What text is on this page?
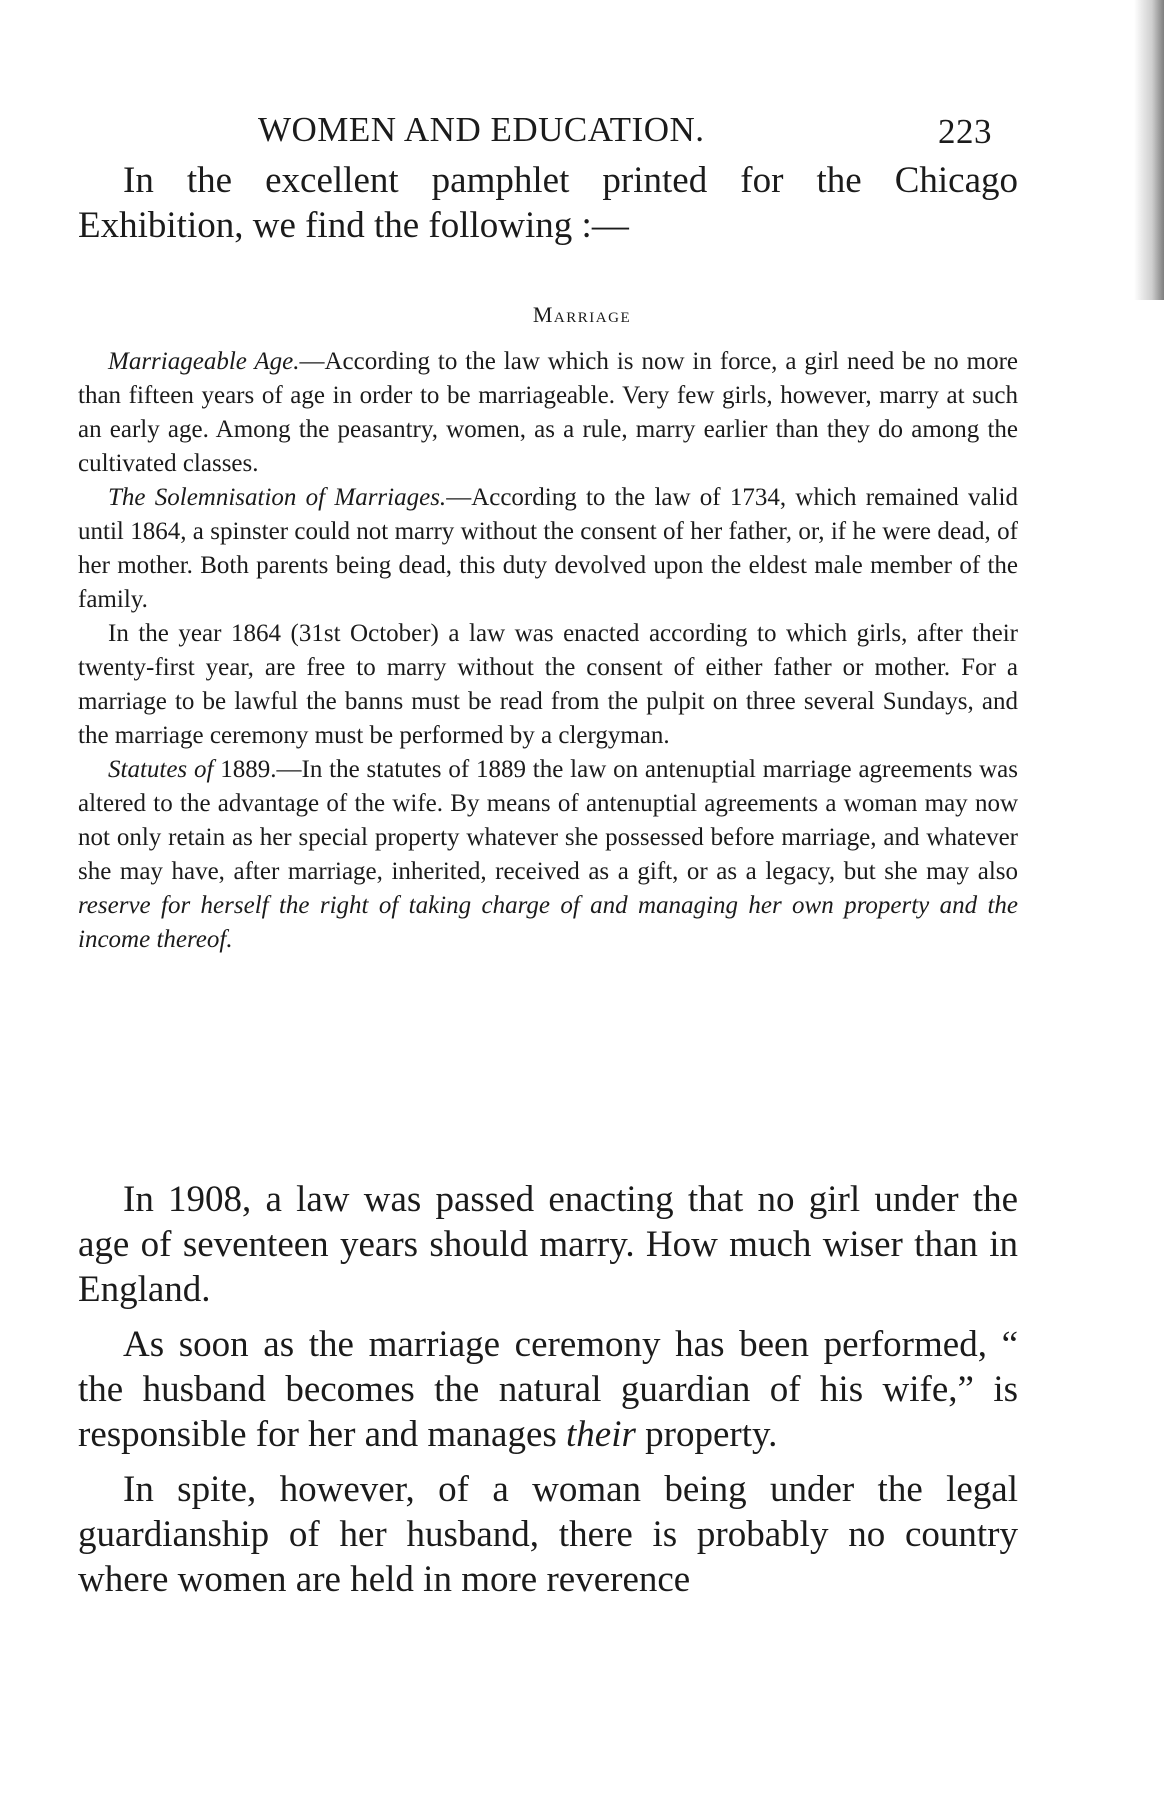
WOMEN AND EDUCATION.	223

In the excellent pamphlet printed for the Chicago Exhibition, we find the following :—

Marriage

Marriageable Age.—According to the law which is now in force, a girl need be no more than fifteen years of age in order to be marriageable. Very few girls, however, marry at such an early age. Among the peasantry, women, as a rule, marry earlier than they do among the cultivated classes.

The Solemnisation of Marriages.—According to the law of 1734, which remained valid until 1864, a spinster could not marry without the consent of her father, or, if he were dead, of her mother. Both parents being dead, this duty devolved upon the eldest male member of the family.

In the year 1864 (31st October) a law was enacted according to which girls, after their twenty-first year, are free to marry without the consent of either father or mother. For a marriage to be lawful the banns must be read from the pulpit on three several Sundays, and the marriage ceremony must be performed by a clergyman.

Statutes of 1889.—In the statutes of 1889 the law on antenuptial marriage agreements was altered to the advantage of the wife. By means of antenuptial agreements a woman may now not only retain as her special property whatever she possessed before marriage, and whatever she may have, after marriage, inherited, received as a gift, or as a legacy, but she may also reserve for herself the right of taking charge of and managing her own property and the income thereof.

In 1908, a law was passed enacting that no girl under the age of seventeen years should marry. How much wiser than in England.

As soon as the marriage ceremony has been performed, “ the husband becomes the natural guardian of his wife,” is responsible for her and manages their property.

In spite, however, of a woman being under the legal guardianship of her husband, there is probably no country where women are held in more reverence
